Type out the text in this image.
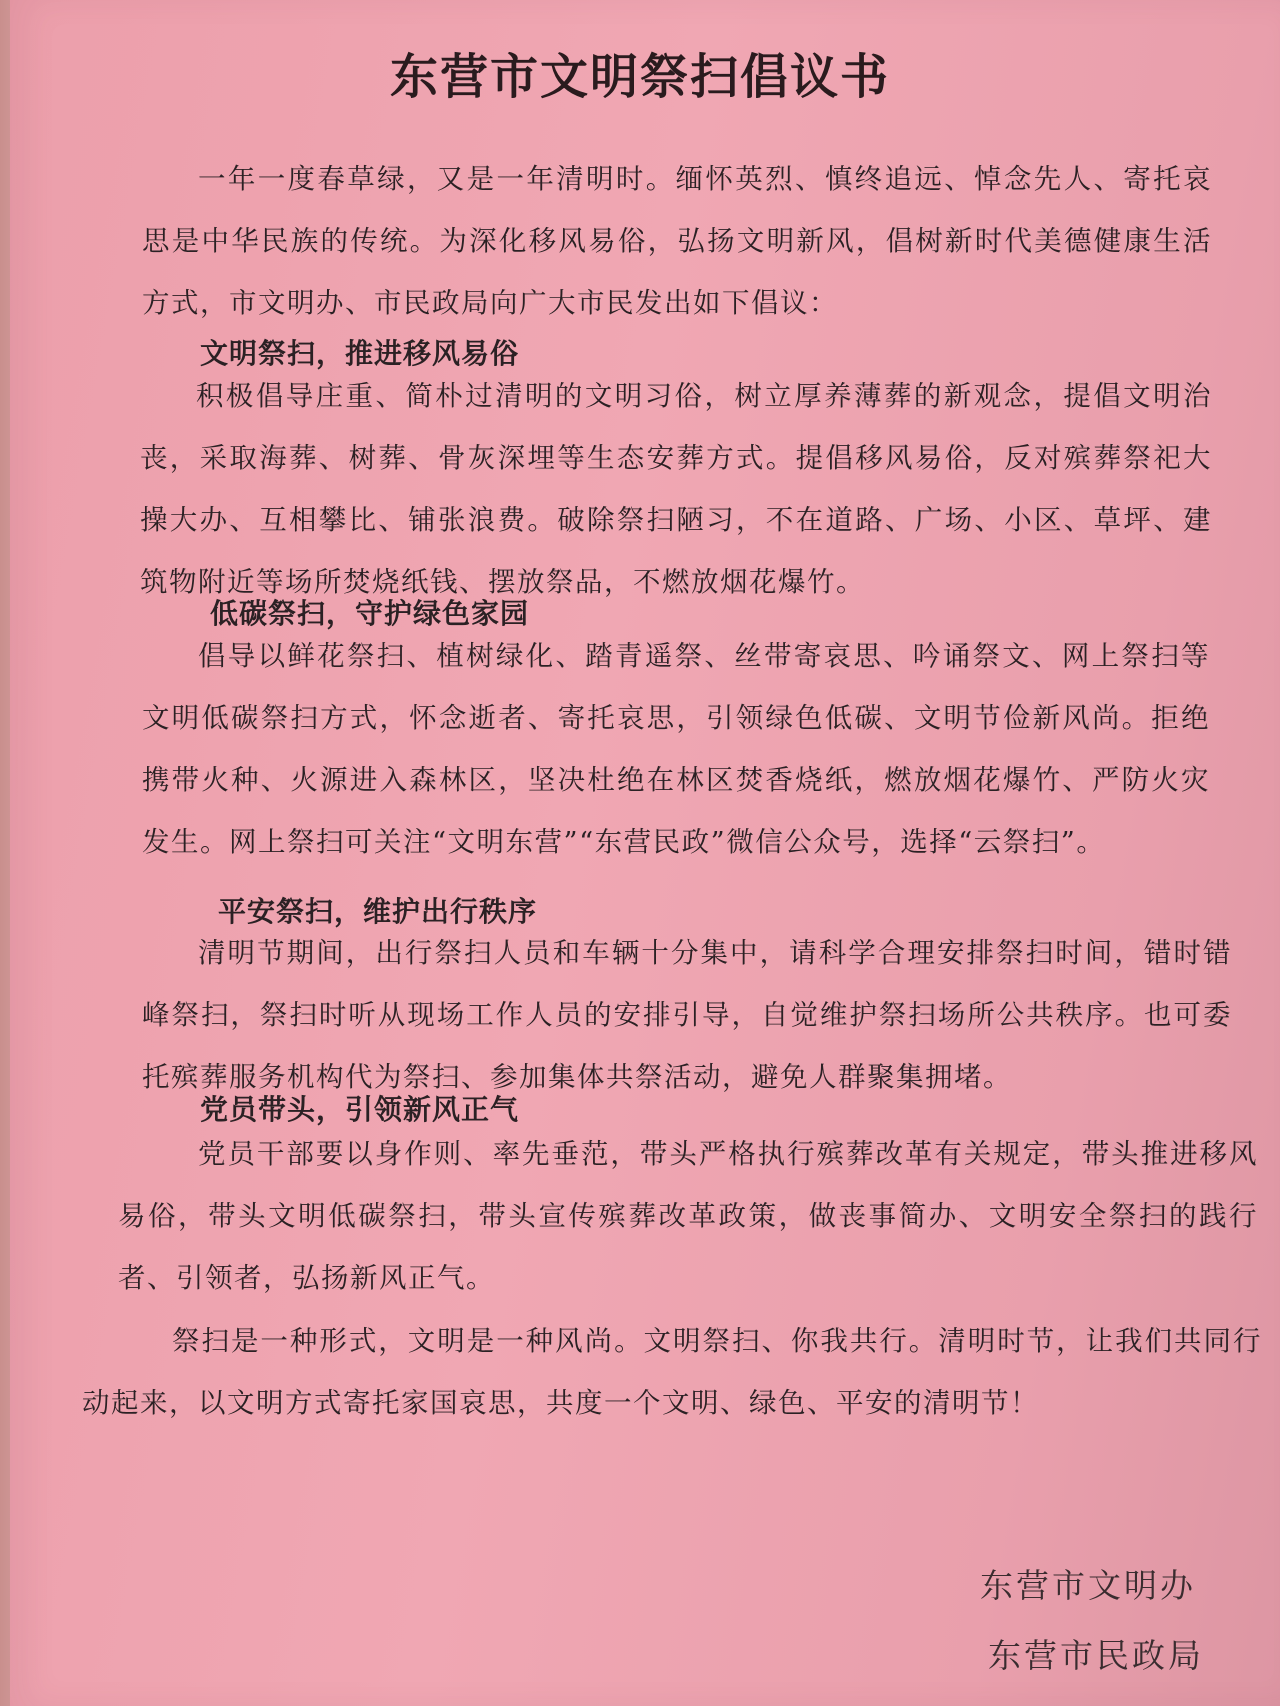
东营市文明祭扫倡议书
一年一度春草绿，又是一年清明时。缅怀英烈、慎终追远、悼念先人、寄托哀思是中华民族的传统。为深化移风易俗，弘扬文明新风，倡树新时代美德健康生活方式，市文明办、市民政局向广大市民发出如下倡议：
文明祭扫，推进移风易俗
积极倡导庄重、简朴过清明的文明习俗，树立厚养薄葬的新观念，提倡文明治丧，采取海葬、树葬、骨灰深埋等生态安葬方式。提倡移风易俗，反对殡葬祭祀大操大办、互相攀比、铺张浪费。破除祭扫陋习，不在道路、广场、小区、草坪、建筑物附近等场所焚烧纸钱、摆放祭品，不燃放烟花爆竹。
低碳祭扫，守护绿色家园
倡导以鲜花祭扫、植树绿化、踏青遥祭、丝带寄哀思、吟诵祭文、网上祭扫等文明低碳祭扫方式，怀念逝者、寄托哀思，引领绿色低碳、文明节俭新风尚。拒绝携带火种、火源进入森林区，坚决杜绝在林区焚香烧纸，燃放烟花爆竹、严防火灾发生。网上祭扫可关注“文明东营”“东营民政”微信公众号，选择“云祭扫”。
平安祭扫，维护出行秩序
清明节期间，出行祭扫人员和车辆十分集中，请科学合理安排祭扫时间，错时错峰祭扫，祭扫时听从现场工作人员的安排引导，自觉维护祭扫场所公共秩序。也可委托殡葬服务机构代为祭扫、参加集体共祭活动，避免人群聚集拥堵。
党员带头，引领新风正气
党员干部要以身作则、率先垂范，带头严格执行殡葬改革有关规定，带头推进移风易俗，带头文明低碳祭扫，带头宣传殡葬改革政策，做丧事简办、文明安全祭扫的践行者、引领者，弘扬新风正气。
祭扫是一种形式，文明是一种风尚。文明祭扫、你我共行。清明时节，让我们共同行动起来，以文明方式寄托家国哀思，共度一个文明、绿色、平安的清明节！
东营市文明办
东营市民政局
